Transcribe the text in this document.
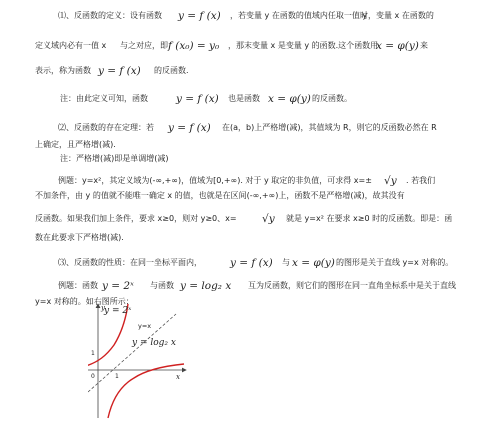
⑴、反函数的定义：设有函数 y = f (x) ，若变量 y 在函数的值域内任取一值 y
时，变量 x 在函数的
定义域内必有一值 x 与之对应，即 f (x₀) = y₀ ，那末变量 x 是变量 y 的函数.这个函数用
x = φ(y) 来
表示，称为函数 y = f (x) 的反函数.
注：由此定义可知，函数	y = f (x) 也是函数 x = φ(y) 的反函数。
⑵、反函数的存在定理：若 y = f (x) 在(a，b)上严格增(减)，其值域为 R，则它的反函数必然在 R
上确定，且严格增(减).
注：严格增(减)即是单调增(减)
例题：y=x²，其定义域为(-∞,+∞)，值域为[0,+∞). 对于 y 取定的非负值，可求得 x=± √y . 若我们
不加条件，由 y 的值就不能唯一确定 x 的值，也就是在区间(-∞,+∞)上，函数不是严格增(减)，故其没有
反函数。如果我们加上条件，要求 x≥0，则对 y≥0、x= √y 就是 y=x² 在要求 x≥0 时的反函数。即是：函
数在此要求下严格增(减).
⑶、反函数的性质：在同一坐标平面内，	y = f (x) 与 x = φ(y) 的图形是关于直线 y=x 对称的。
例题：函数 y = 2ˣ 与函数 y = log₂ x 互为反函数，则它们的图形在同一直角坐标系中是关于直线
y=x 对称的。如右图所示：
y = 2ˣ
y=x
y = log₂ x
y
x
1
1
0
